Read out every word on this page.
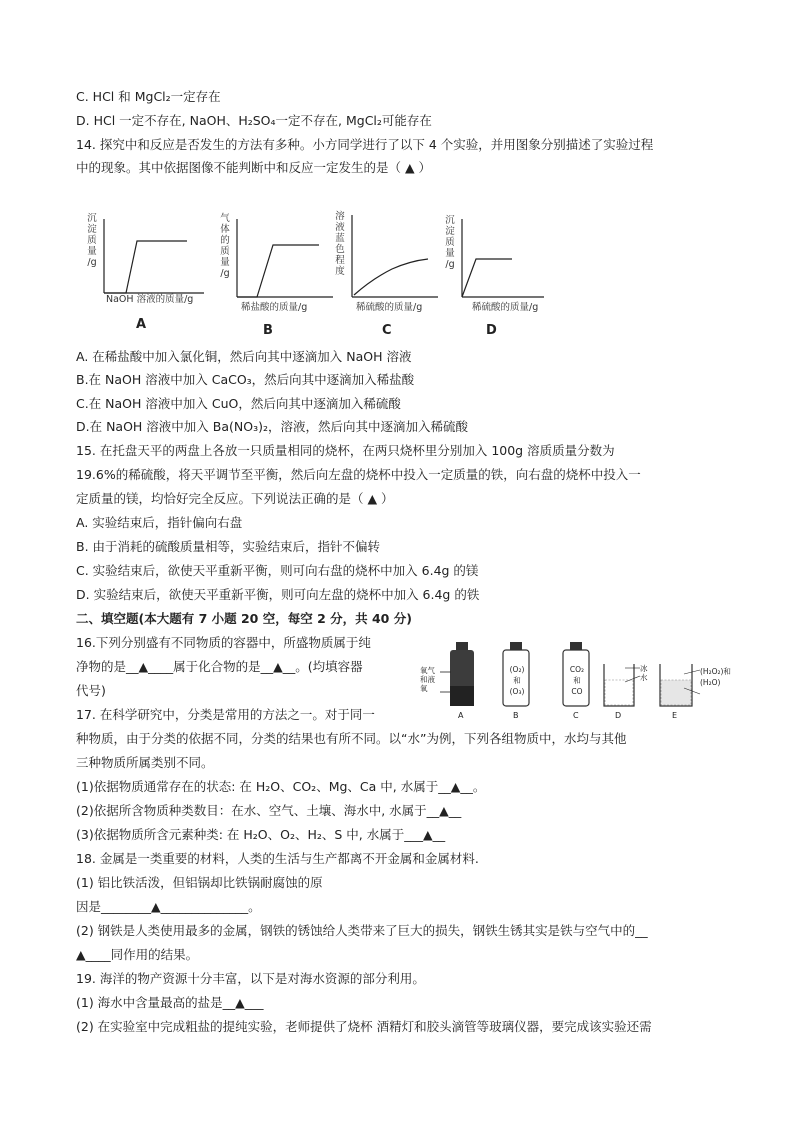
C. HCl 和 MgCl₂一定存在
D. HCl 一定不存在, NaOH、H₂SO₄一定不存在, MgCl₂可能存在
14. 探究中和反应是否发生的方法有多种。小方同学进行了以下 4 个实验，并用图象分别描述了实验过程
中的现象。其中依据图像不能判断中和反应一定发生的是（ ▲ ）
沉
淀
质
量
/g
NaOH 溶液的质量/g
A
气
体
的
质
量
/g
稀盐酸的质量/g
B
溶
液
蓝
色
程
度
稀硫酸的质量/g
C
沉
淀
质
量
/g
稀硫酸的质量/g
D
A. 在稀盐酸中加入氯化铜，然后向其中逐滴加入 NaOH 溶液
B.在 NaOH 溶液中加入 CaCO₃，然后向其中逐滴加入稀盐酸
C.在 NaOH 溶液中加入 CuO，然后向其中逐滴加入稀硫酸
D.在 NaOH 溶液中加入 Ba(NO₃)₂，溶液，然后向其中逐滴加入稀硫酸
15. 在托盘天平的两盘上各放一只质量相同的烧杯，在两只烧杯里分别加入 100g 溶质质量分数为
19.6%的稀硫酸，将天平调节至平衡，然后向左盘的烧杯中投入一定质量的铁，向右盘的烧杯中投入一
定质量的镁，均恰好完全反应。下列说法正确的是（ ▲ ）
A. 实验结束后，指针偏向右盘
B. 由于消耗的硫酸质量相等，实验结束后，指针不偏转
C. 实验结束后，欲使天平重新平衡，则可向右盘的烧杯中加入 6.4g 的镁
D. 实验结束后，欲使天平重新平衡，则可向左盘的烧杯中加入 6.4g 的铁
二、填空题(本大题有 7 小题 20 空，每空 2 分，共 40 分)
16.下列分别盛有不同物质的容器中，所盛物质属于纯
净物的是__▲____属于化合物的是__▲__。(均填容器
代号)
氧气和液氧
(O₂)和(O₃)
CO₂和CO
冰水
(H₂O₂)和(H₂O)
A	B	C	D	E
17. 在科学研究中，分类是常用的方法之一。对于同一
种物质，由于分类的依据不同，分类的结果也有所不同。以“水”为例，下列各组物质中，水均与其他
三种物质所属类别不同。
(1)依据物质通常存在的状态: 在 H₂O、CO₂、Mg、Ca 中, 水属于__▲__。
(2)依据所含物质种类数目：在水、空气、土壤、海水中, 水属于__▲__
(3)依据物质所含元素种类: 在 H₂O、O₂、H₂、S 中, 水属于___▲__
18. 金属是一类重要的材料，人类的生活与生产都离不开金属和金属材料.
(1) 铝比铁活泼，但铝锅却比铁锅耐腐蚀的原
因是________▲______________。
(2) 钢铁是人类使用最多的金属，钢铁的锈蚀给人类带来了巨大的损失，钢铁生锈其实是铁与空气中的__
▲____同作用的结果。
19. 海洋的物产资源十分丰富，以下是对海水资源的部分利用。
(1) 海水中含量最高的盐是__▲___
(2) 在实验室中完成粗盐的提纯实验，老师提供了烧杯 酒精灯和胶头滴管等玻璃仪器，要完成该实验还需
